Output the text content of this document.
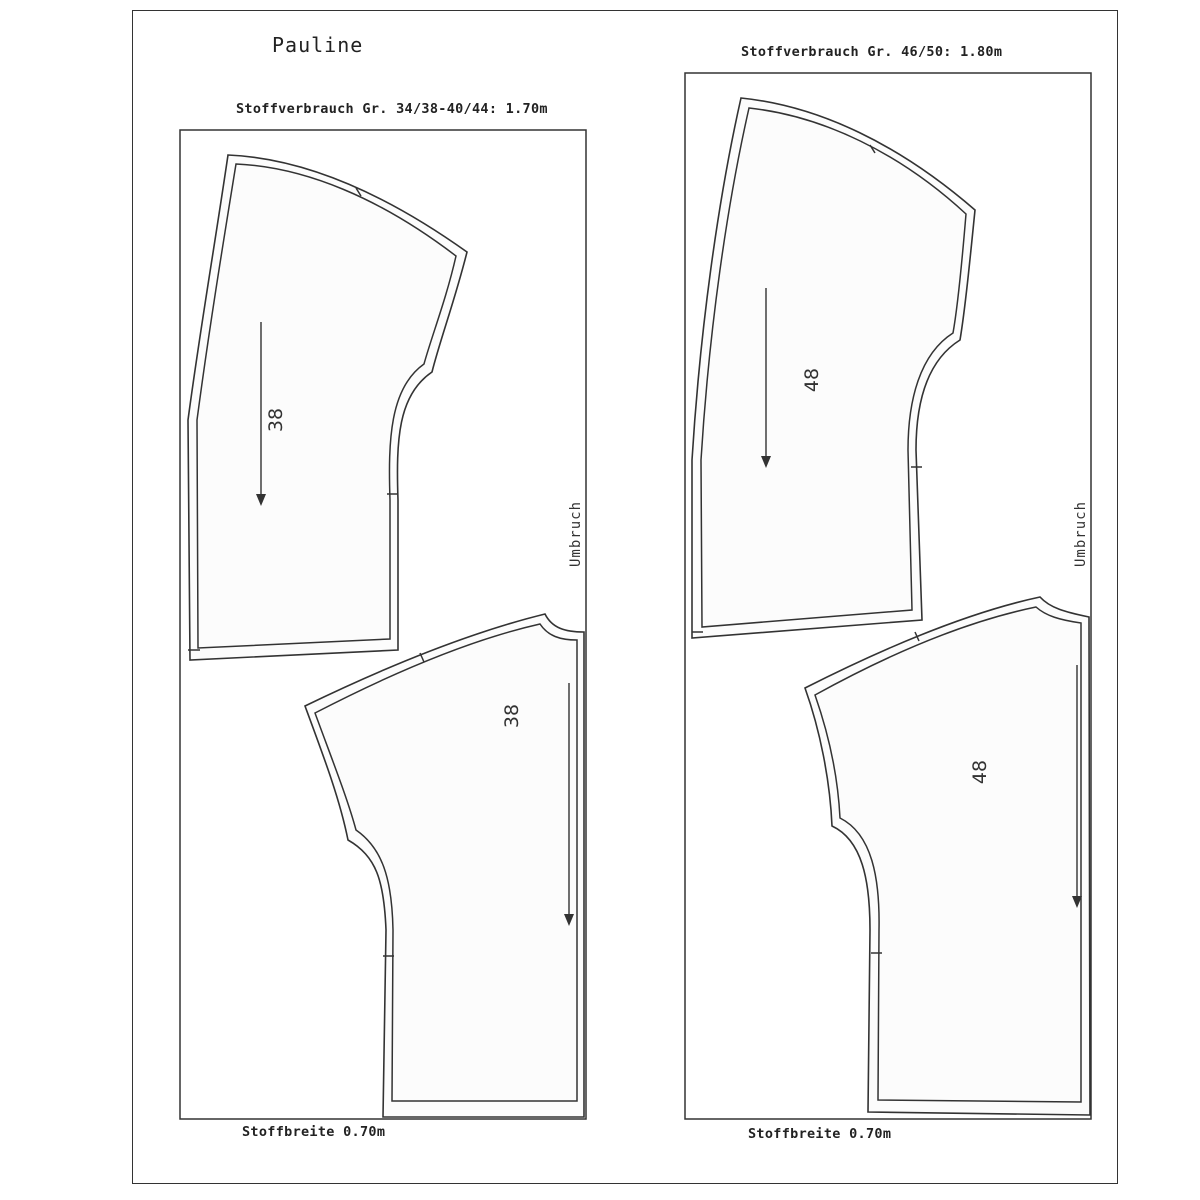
Pauline
Stoffverbrauch Gr. 34/38-40/44: 1.70m
Stoffverbrauch Gr. 46/50: 1.80m
Stoffbreite 0.70m	Stoffbreite 0.70m
38
38
Umbruch
48
48
Umbruch
